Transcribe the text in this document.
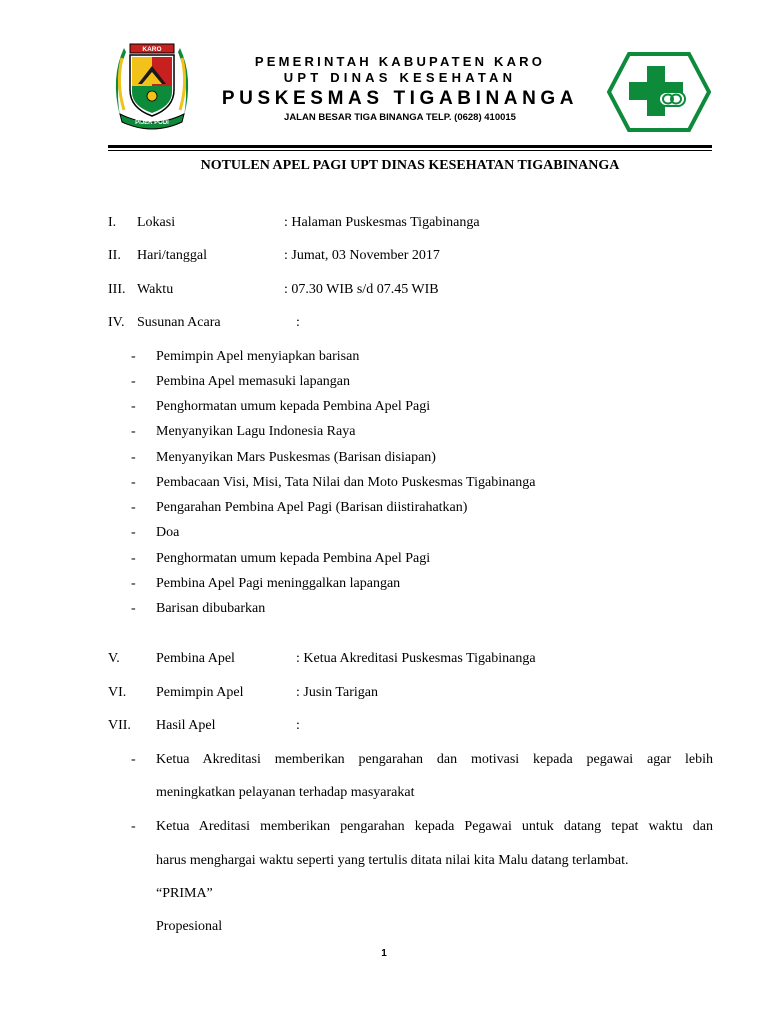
KARO
PIJER PODI
PEMERINTAH KABUPATEN KARO
UPT DINAS KESEHATAN
PUSKESMAS TIGABINANGA
JALAN BESAR TIGA BINANGA TELP. (0628) 410015
NOTULEN APEL PAGI UPT DINAS KESEHATAN TIGABINANGA
I. Lokasi	: Halaman Puskesmas Tigabinanga
II. Hari/tanggal	: Jumat, 03 November 2017
III. Waktu	: 07.30 WIB s/d 07.45 WIB
IV. Susunan Acara	:
- Pemimpin Apel menyiapkan barisan
- Pembina Apel memasuki lapangan
- Penghormatan umum kepada Pembina Apel Pagi
- Menyanyikan Lagu Indonesia Raya
- Menyanyikan Mars Puskesmas (Barisan disiapan)
- Pembacaan Visi, Misi, Tata Nilai dan Moto Puskesmas Tigabinanga
- Pengarahan Pembina Apel Pagi (Barisan diistirahatkan)
- Doa
- Penghormatan umum kepada Pembina Apel Pagi
- Pembina Apel Pagi meninggalkan lapangan
- Barisan dibubarkan
V.	Pembina Apel	: Ketua Akreditasi Puskesmas Tigabinanga
VI. Pemimpin Apel	: Jusin Tarigan
VII. Hasil Apel	:
- Ketua Akreditasi memberikan pengarahan dan motivasi kepada pegawai agar lebih
meningkatkan pelayanan terhadap masyarakat
- Ketua Areditasi memberikan pengarahan kepada Pegawai untuk datang tepat waktu dan
harus menghargai waktu seperti yang tertulis ditata nilai kita Malu datang terlambat.
“PRIMA”
Propesional
1
